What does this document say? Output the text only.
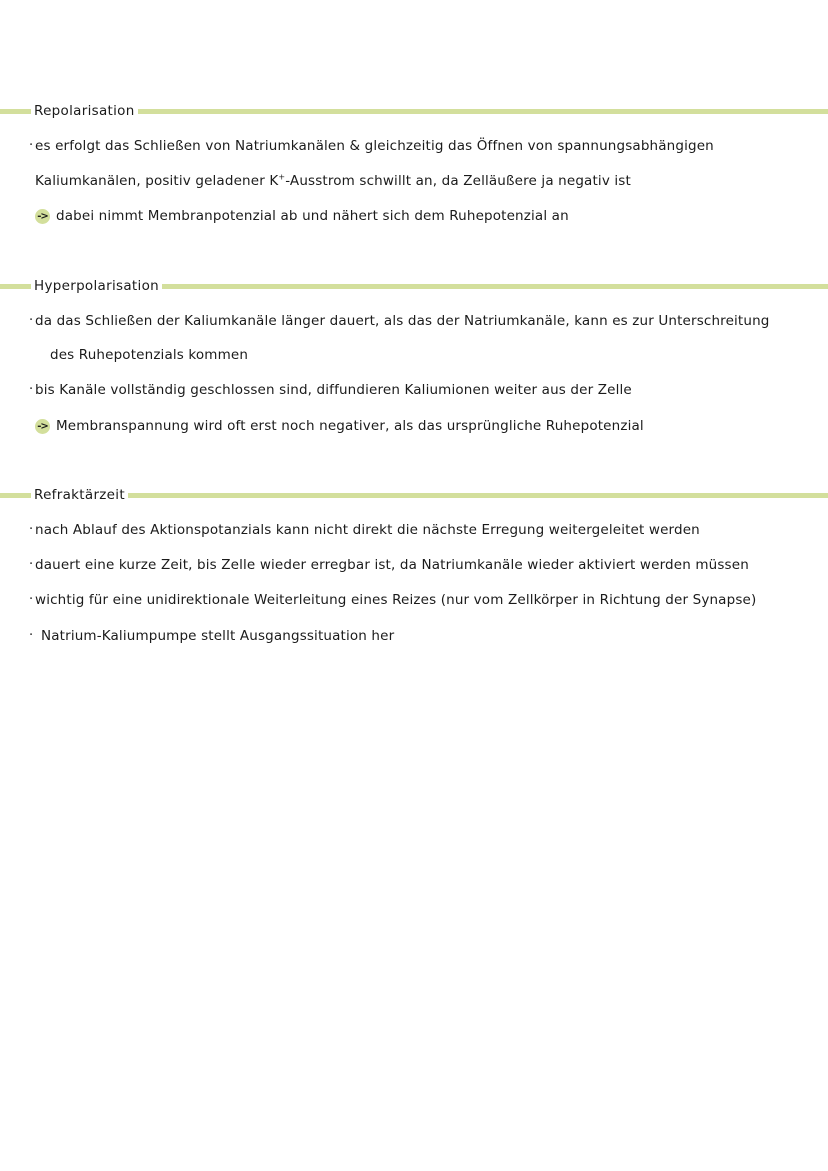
Repolarisation
· es erfolgt das Schließen von Natriumkanälen & gleichzeitig das Öffnen von spannungsabhängigen
Kaliumkanälen, positiv geladener K+-Ausstrom schwillt an, da Zelläußere ja negativ ist
-> dabei nimmt Membranpotenzial ab und nähert sich dem Ruhepotenzial an
Hyperpolarisation
· da das Schließen der Kaliumkanäle länger dauert, als das der Natriumkanäle, kann es zur Unterschreitung
des Ruhepotenzials kommen
· bis Kanäle vollständig geschlossen sind, diffundieren Kaliumionen weiter aus der Zelle
-> Membranspannung wird oft erst noch negativer, als das ursprüngliche Ruhepotenzial
Refraktärzeit
· nach Ablauf des Aktionspotanzials kann nicht direkt die nächste Erregung weitergeleitet werden
· dauert eine kurze Zeit, bis Zelle wieder erregbar ist, da Natriumkanäle wieder aktiviert werden müssen
· wichtig für eine unidirektionale Weiterleitung eines Reizes (nur vom Zellkörper in Richtung der Synapse)
· Natrium-Kaliumpumpe stellt Ausgangssituation her
